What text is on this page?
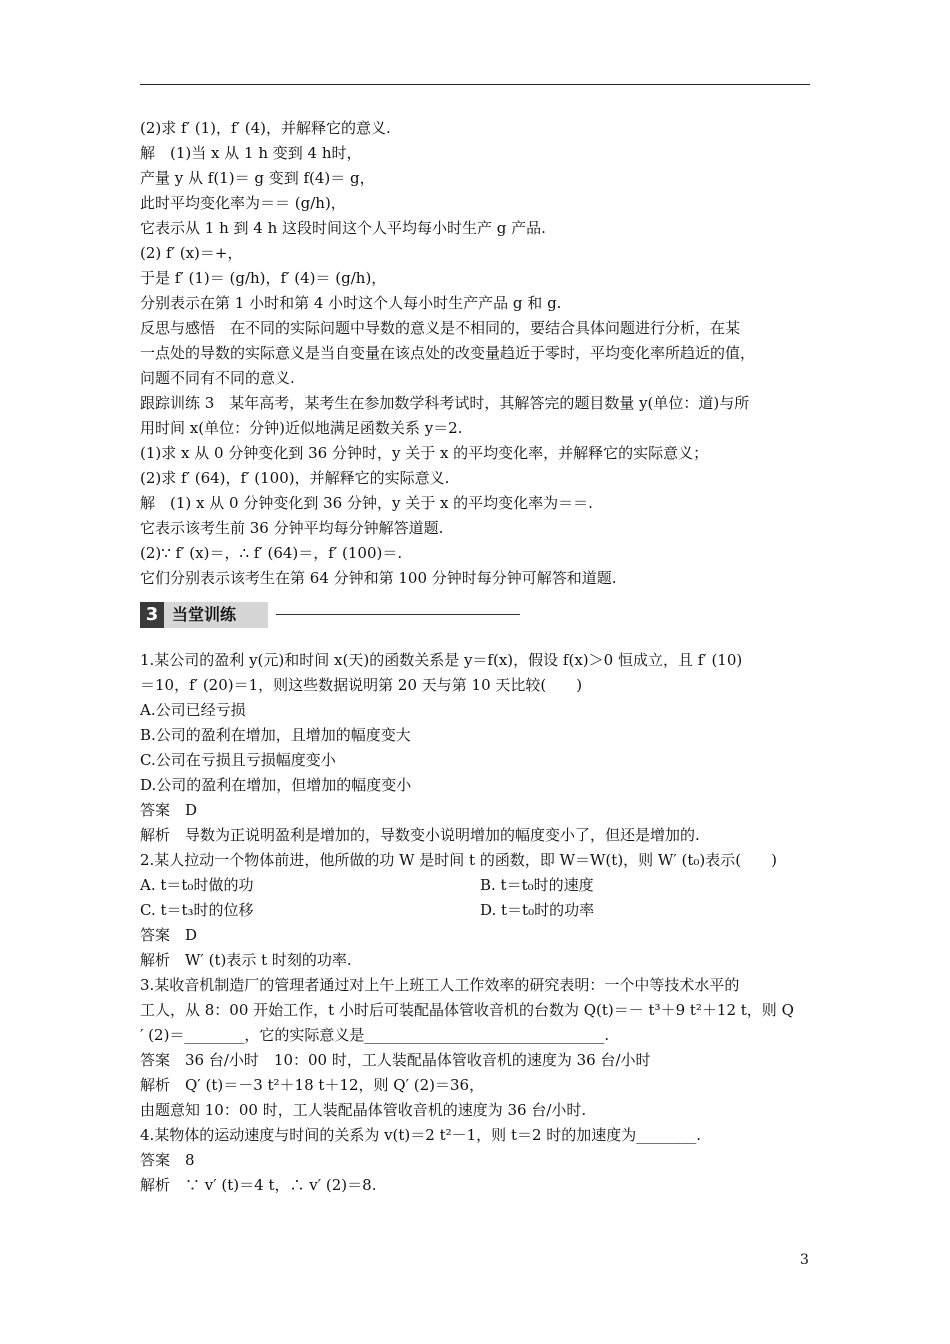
(2)求 f′ (1)，f′ (4)，并解释它的意义.
解　(1)当 x 从 1 h 变到 4 h时，
产量 y 从 f(1)＝ g 变到 f(4)＝ g，
此时平均变化率为＝＝ (g/h)，
它表示从 1 h 到 4 h 这段时间这个人平均每小时生产 g 产品.
(2) f′ (x)＝+，
于是 f′ (1)＝ (g/h)，f′ (4)＝ (g/h)，
分别表示在第 1 小时和第 4 小时这个人每小时生产产品 g 和 g.
反思与感悟　在不同的实际问题中导数的意义是不相同的，要结合具体问题进行分析，在某
一点处的导数的实际意义是当自变量在该点处的改变量趋近于零时，平均变化率所趋近的值，
问题不同有不同的意义.
跟踪训练 3　某年高考，某考生在参加数学科考试时，其解答完的题目数量 y(单位：道)与所
用时间 x(单位：分钟)近似地满足函数关系 y＝2.
(1)求 x 从 0 分钟变化到 36 分钟时，y 关于 x 的平均变化率，并解释它的实际意义；
(2)求 f′ (64)，f′ (100)，并解释它的实际意义.
解　(1) x 从 0 分钟变化到 36 分钟，y 关于 x 的平均变化率为＝＝.
它表示该考生前 36 分钟平均每分钟解答道题.
(2)∵ f′ (x)＝，∴ f′ (64)＝，f′ (100)＝.
它们分别表示该考生在第 64 分钟和第 100 分钟时每分钟可解答和道题.
3 当堂训练
1.某公司的盈利 y(元)和时间 x(天)的函数关系是 y＝f(x)，假设 f(x)＞0 恒成立，且 f′ (10)
＝10，f′ (20)＝1，则这些数据说明第 20 天与第 10 天比较(　　)
A.公司已经亏损
B.公司的盈利在增加，且增加的幅度变大
C.公司在亏损且亏损幅度变小
D.公司的盈利在增加，但增加的幅度变小
答案　D
解析　导数为正说明盈利是增加的，导数变小说明增加的幅度变小了，但还是增加的.
2.某人拉动一个物体前进，他所做的功 W 是时间 t 的函数，即 W＝W(t)，则 W′ (t₀)表示(　　)
A. t＝t₀时做的功	B. t＝t₀时的速度
C. t＝t₃时的位移	D. t＝t₀时的功率
答案　D
解析　W′ (t)表示 t 时刻的功率.
3.某收音机制造厂的管理者通过对上午上班工人工作效率的研究表明：一个中等技术水平的
工人，从 8：00 开始工作，t 小时后可装配晶体管收音机的台数为 Q(t)＝－ t³＋9 t²＋12 t，则 Q
′ (2)＝________，它的实际意义是________________________________.
答案　36 台/小时　10：00 时，工人装配晶体管收音机的速度为 36 台/小时
解析　Q′ (t)＝－3 t²＋18 t＋12，则 Q′ (2)＝36，
由题意知 10：00 时，工人装配晶体管收音机的速度为 36 台/小时.
4.某物体的运动速度与时间的关系为 v(t)＝2 t²－1，则 t＝2 时的加速度为________.
答案　8
解析　∵ v′ (t)＝4 t，∴ v′ (2)＝8.
3
